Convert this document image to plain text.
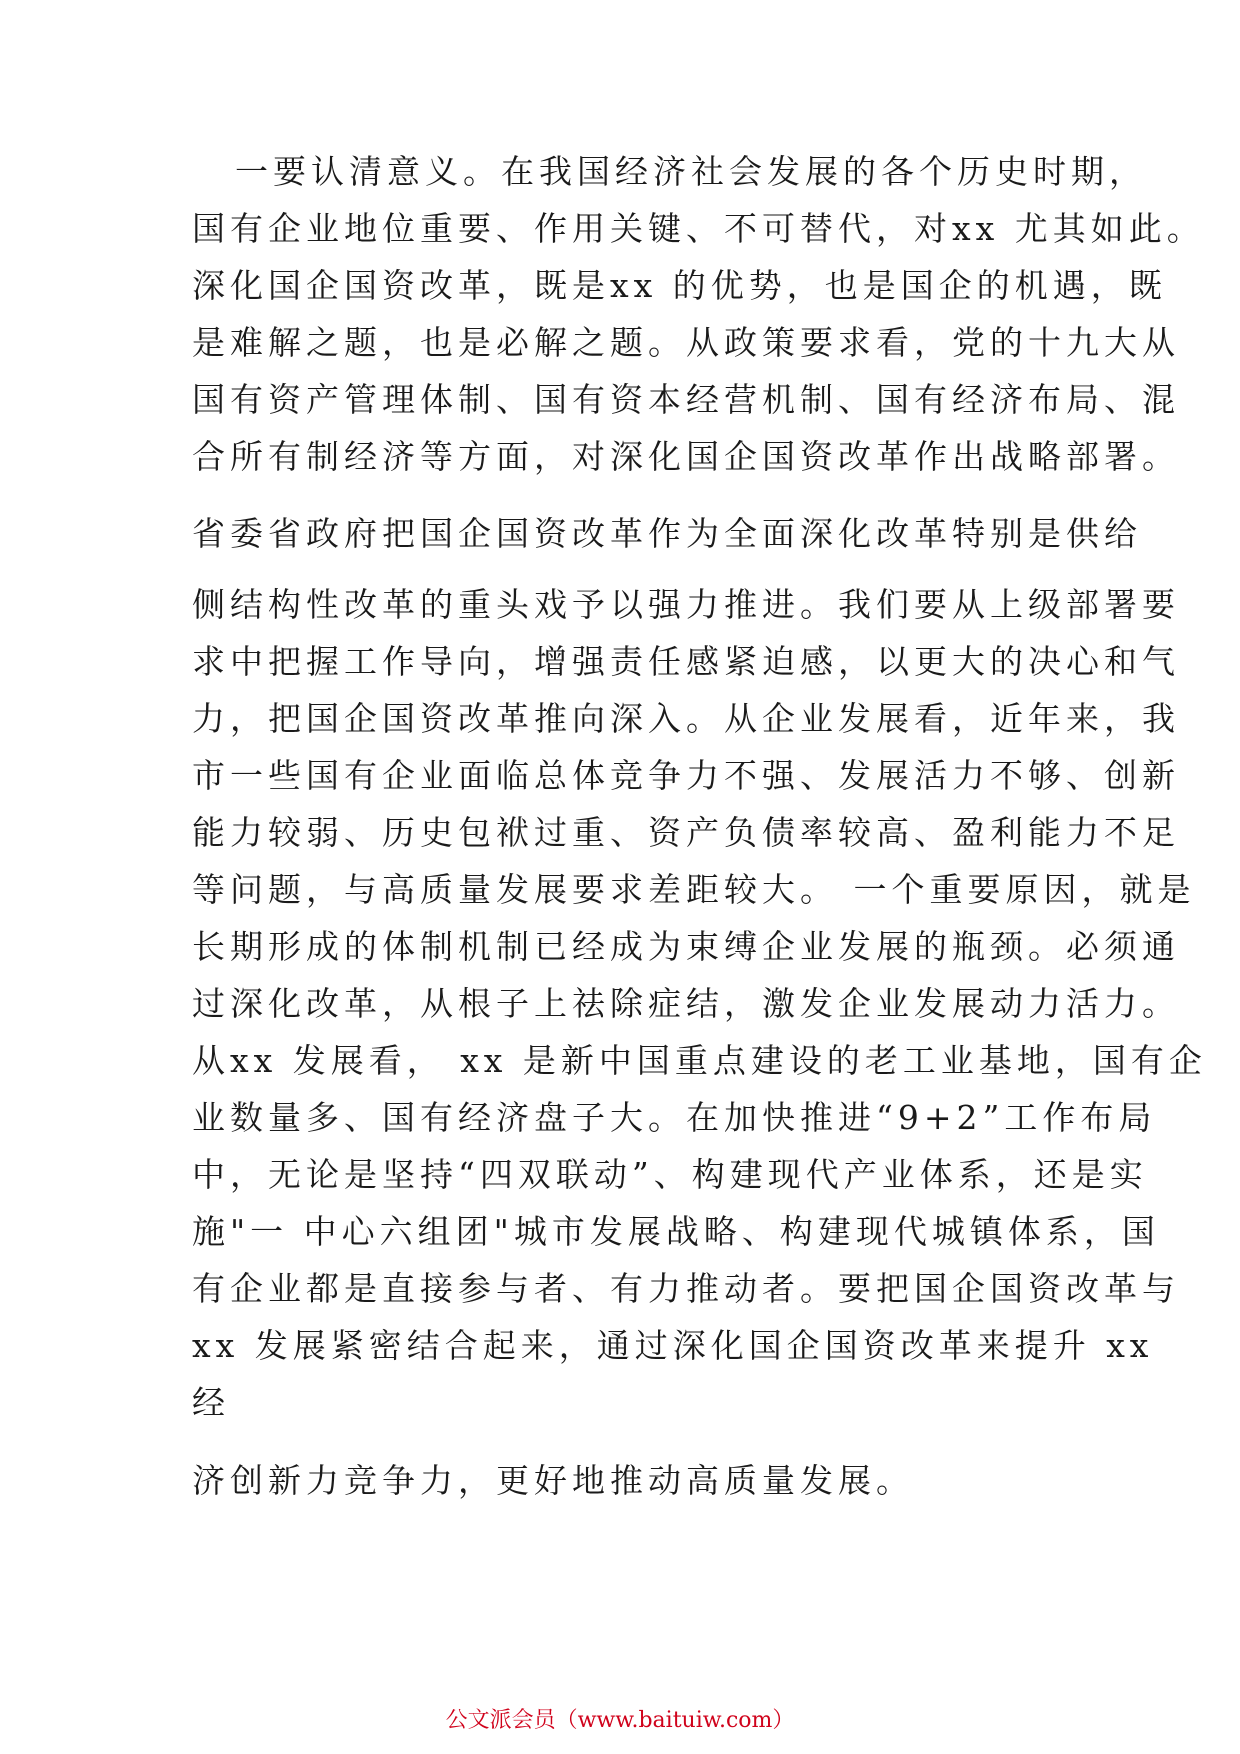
一要认清意义。在我国经济社会发展的各个历史时期，
国有企业地位重要、作用关键、不可替代，对xx 尤其如此。
深化国企国资改革，既是xx 的优势，也是国企的机遇，既
是难解之题，也是必解之题。从政策要求看，党的十九大从
国有资产管理体制、国有资本经营机制、国有经济布局、混
合所有制经济等方面，对深化国企国资改革作出战略部署。
省委省政府把国企国资改革作为全面深化改革特别是供给
侧结构性改革的重头戏予以强力推进。我们要从上级部署要
求中把握工作导向，增强责任感紧迫感，以更大的决心和气
力，把国企国资改革推向深入。从企业发展看，近年来，我
市一些国有企业面临总体竞争力不强、发展活力不够、创新
能力较弱、历史包袱过重、资产负债率较高、盈利能力不足
等问题，与高质量发展要求差距较大。 一个重要原因，就是
长期形成的体制机制已经成为束缚企业发展的瓶颈。必须通
过深化改革，从根子上祛除症结，激发企业发展动力活力。
从xx 发展看， xx 是新中国重点建设的老工业基地，国有企
业数量多、国有经济盘子大。在加快推进“9+2”工作布局
中，无论是坚持“四双联动”、构建现代产业体系，还是实
施"一 中心六组团"城市发展战略、构建现代城镇体系，国
有企业都是直接参与者、有力推动者。要把国企国资改革与
xx 发展紧密结合起来，通过深化国企国资改革来提升 xx
经
济创新力竞争力，更好地推动高质量发展。
公文派会员（www.baituiw.com）
